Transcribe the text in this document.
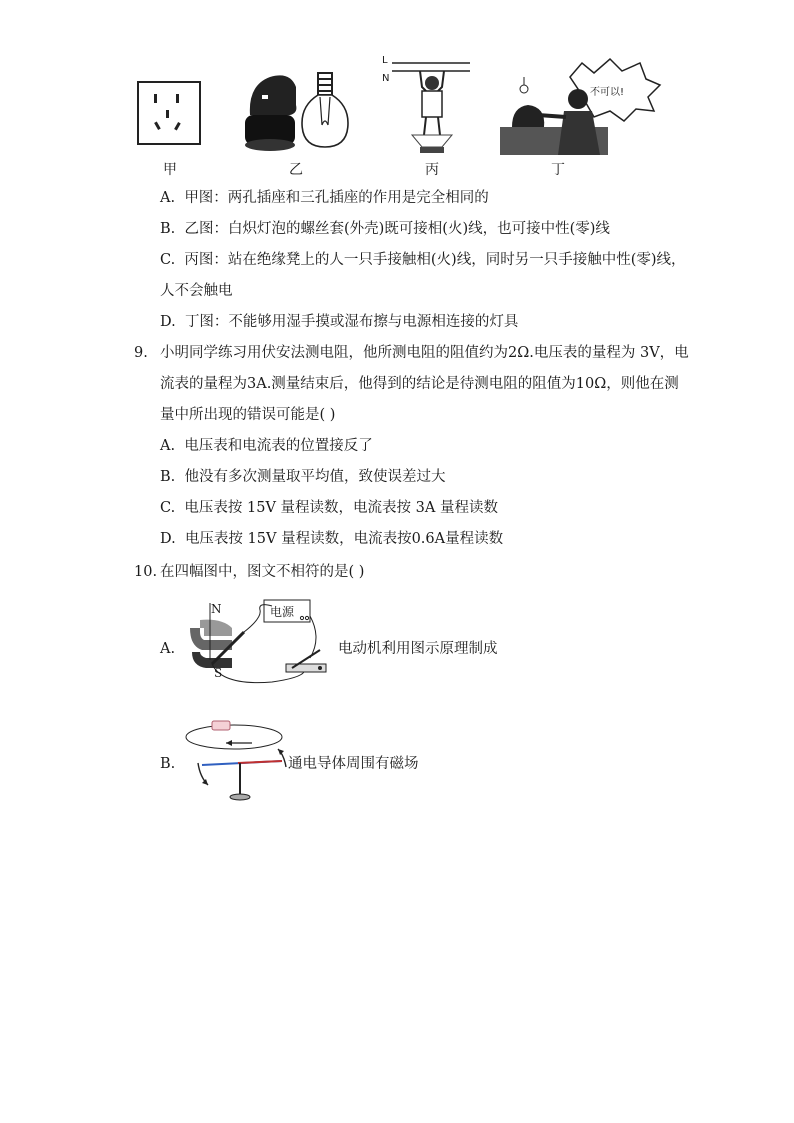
L
N
不可以!
甲	乙	丙	丁
A. 甲图：两孔插座和三孔插座的作用是完全相同的
B. 乙图：白炽灯泡的螺丝套(外壳)既可接相(火)线，也可接中性(零)线
C. 丙图：站在绝缘凳上的人一只手接触相(火)线，同时另一只手接触中性(零)线，
人不会触电
D. 丁图：不能够用湿手摸或湿布擦与电源相连接的灯具
9. 小明同学练习用伏安法测电阻，他所测电阻的阻值约为2Ω.电压表的量程为 3V，电
流表的量程为3A.测量结束后，他得到的结论是待测电阻的阻值为10Ω，则他在测
量中所出现的错误可能是( )
A. 电压表和电流表的位置接反了
B. 他没有多次测量取平均值，致使误差过大
C. 电压表按 15V 量程读数，电流表按 3A 量程读数
D. 电压表按 15V 量程读数，电流表按0.6A量程读数
10. 在四幅图中，图文不相符的是( )
A.
N
S
电源
电动机利用图示原理制成
B.	通电导体周围有磁场
